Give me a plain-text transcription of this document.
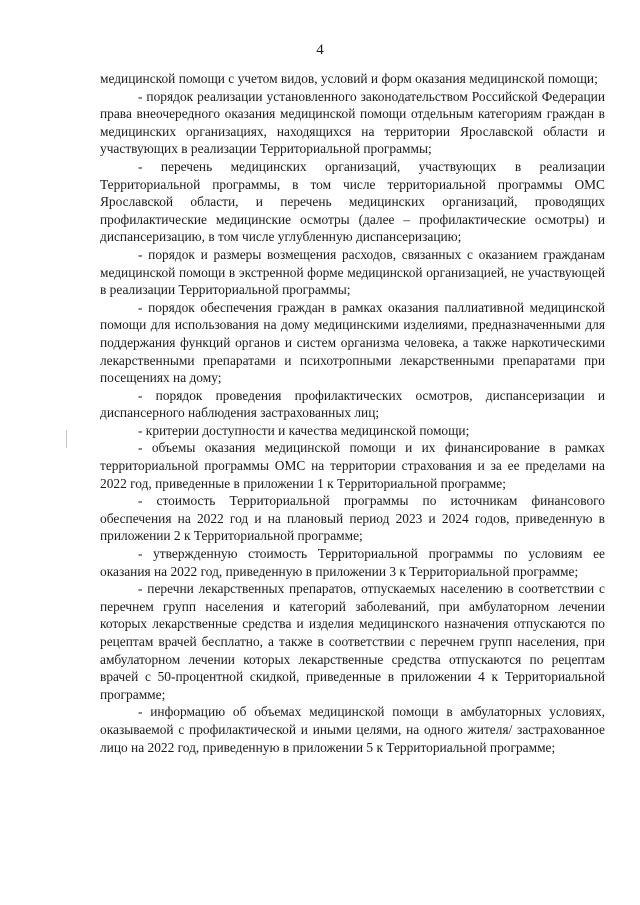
4

медицинской помощи с учетом видов, условий и форм оказания медицинской помощи;

- порядок реализации установленного законодательством Российской Федерации права внеочередного оказания медицинской помощи отдельным категориям граждан в медицинских организациях, находящихся на территории Ярославской области и участвующих в реализации Территориальной программы;

- перечень медицинских организаций, участвующих в реализации Территориальной программы, в том числе территориальной программы ОМС Ярославской области, и перечень медицинских организаций, проводящих профилактические медицинские осмотры (далее – профилактические осмотры) и диспансеризацию, в том числе углубленную диспансеризацию;

- порядок и размеры возмещения расходов, связанных с оказанием гражданам медицинской помощи в экстренной форме медицинской организацией, не участвующей в реализации Территориальной программы;

- порядок обеспечения граждан в рамках оказания паллиативной медицинской помощи для использования на дому медицинскими изделиями, предназначенными для поддержания функций органов и систем организма человека, а также наркотическими лекарственными препаратами и психотропными лекарственными препаратами при посещениях на дому;

- порядок проведения профилактических осмотров, диспансеризации и диспансерного наблюдения застрахованных лиц;

- критерии доступности и качества медицинской помощи;

- объемы оказания медицинской помощи и их финансирование в рамках территориальной программы ОМС на территории страхования и за ее пределами на 2022 год, приведенные в приложении 1 к Территориальной программе;

- стоимость Территориальной программы по источникам финансового обеспечения на 2022 год и на плановый период 2023 и 2024 годов, приведенную в приложении 2 к Территориальной программе;

- утвержденную стоимость Территориальной программы по условиям ее оказания на 2022 год, приведенную в приложении 3 к Территориальной программе;

- перечни лекарственных препаратов, отпускаемых населению в соответствии с перечнем групп населения и категорий заболеваний, при амбулаторном лечении которых лекарственные средства и изделия медицинского назначения отпускаются по рецептам врачей бесплатно, а также в соответствии с перечнем групп населения, при амбулаторном лечении которых лекарственные средства отпускаются по рецептам врачей с 50-процентной скидкой, приведенные в приложении 4 к Территориальной программе;

- информацию об объемах медицинской помощи в амбулаторных условиях, оказываемой с профилактической и иными целями, на одного жителя/ застрахованное лицо на 2022 год, приведенную в приложении 5 к Территориальной программе;
